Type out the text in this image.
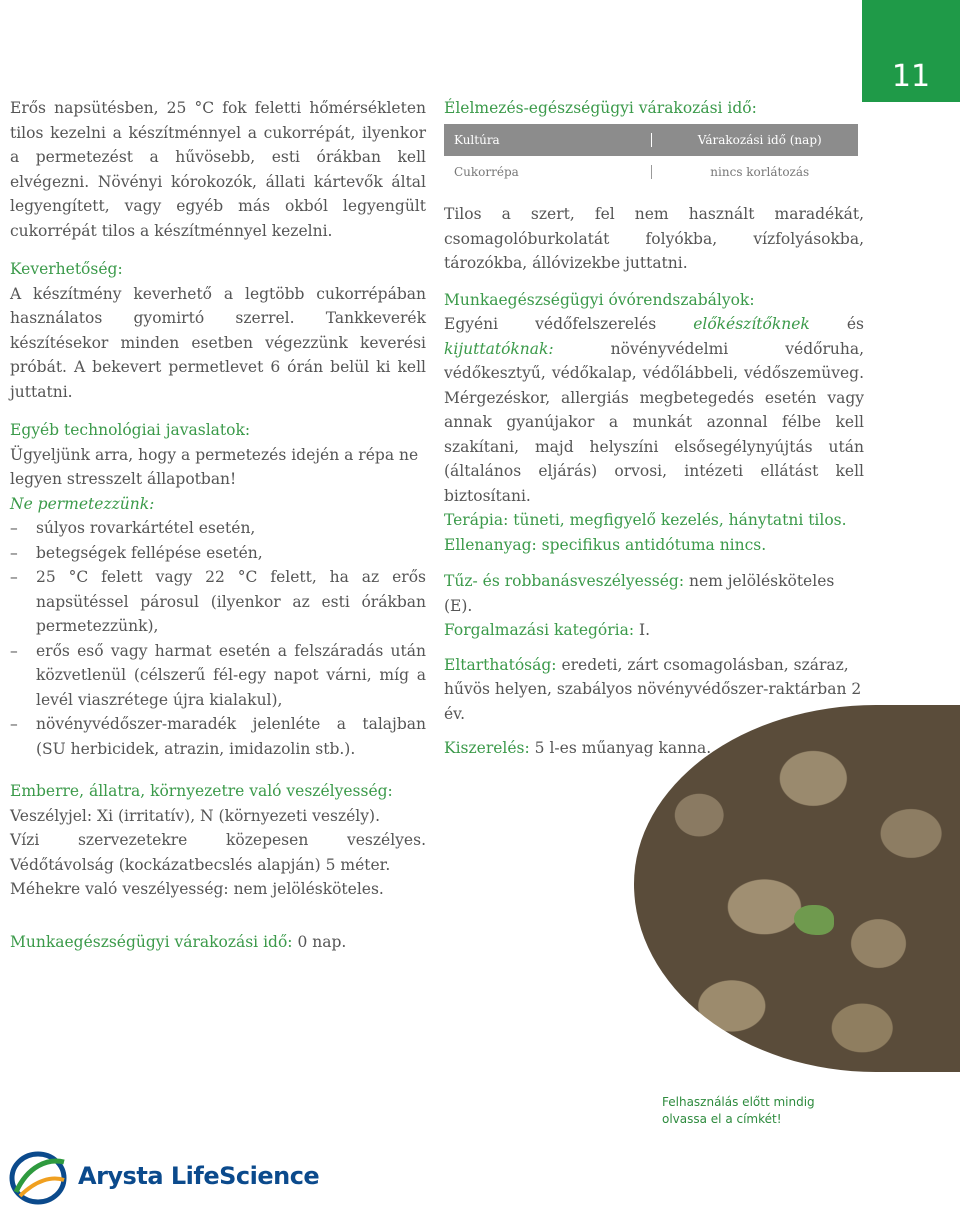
11

Erős napsütésben, 25 °C fok feletti hőmérsékleten tilos kezelni a készítménnyel a cukorrépát, ilyenkor a permetezést a hűvösebb, esti órákban kell elvégezni. Növényi kórokozók, állati kártevők által legyengített, vagy egyéb más okból legyengült cukorrépát tilos a készítménnyel kezelni.

Keverhetőség:

A készítmény keverhető a legtöbb cukorrépában használatos gyomirtó szerrel. Tankkeverék készítésekor minden esetben végezzünk keverési próbát. A bekevert permetlevet 6 órán belül ki kell juttatni.

Egyéb technológiai javaslatok:

Ügyeljünk arra, hogy a permetezés idején a répa ne legyen stresszelt állapotban!

Ne permetezzünk:

–	súlyos rovarkártétel esetén,
–	betegségek fellépése esetén,
–	25 °C felett vagy 22 °C felett, ha az erős napsütéssel párosul (ilyenkor az esti órákban permetezzünk),
–	erős eső vagy harmat esetén a felszáradás után közvetlenül (célszerű fél-egy napot várni, míg a levél viaszrétege újra kialakul),
–	növényvédőszer-maradék jelenléte a talajban (SU herbicidek, atrazin, imidazolin stb.).

Emberre, állatra, környezetre való veszélyesség:

Veszélyjel: Xi (irritatív), N (környezeti veszély).

Vízi szervezetekre közepesen veszélyes. Védőtávolság (kockázatbecslés alapján) 5 méter.

Méhekre való veszélyesség: nem jelölésköteles.

Munkaegészségügyi várakozási idő: 0 nap.

Élelmezés-egészségügyi várakozási idő:

Kultúra	Várakozási idő (nap)
Cukorrépa	nincs korlátozás

Tilos a szert, fel nem használt maradékát, csomagolóburkolatát folyókba, vízfolyásokba, tározókba, állóvizekbe juttatni.

Munkaegészségügyi óvórendszabályok:

Egyéni védőfelszerelés előkészítőknek és kijuttatóknak: növényvédelmi védőruha, védőkesztyű, védőkalap, védőlábbeli, védőszemüveg. Mérgezéskor, allergiás megbetegedés esetén vagy annak gyanújakor a munkát azonnal félbe kell szakítani, majd helyszíni elsősegélynyújtás után (általános eljárás) orvosi, intézeti ellátást kell biztosítani.

Terápia: tüneti, megfigyelő kezelés, hánytatni tilos.

Ellenanyag: specifikus antidótuma nincs.

Tűz- és robbanásveszélyesség: nem jelölésköteles (E).

Forgalmazási kategória: I.

Eltarthatóság: eredeti, zárt csomagolásban, száraz, hűvös helyen, szabályos növényvédőszer-raktárban 2 év.

Kiszerelés: 5 l-es műanyag kanna.

Felhasználás előtt mindig
olvassa el a címkét!
Arysta LifeScience
